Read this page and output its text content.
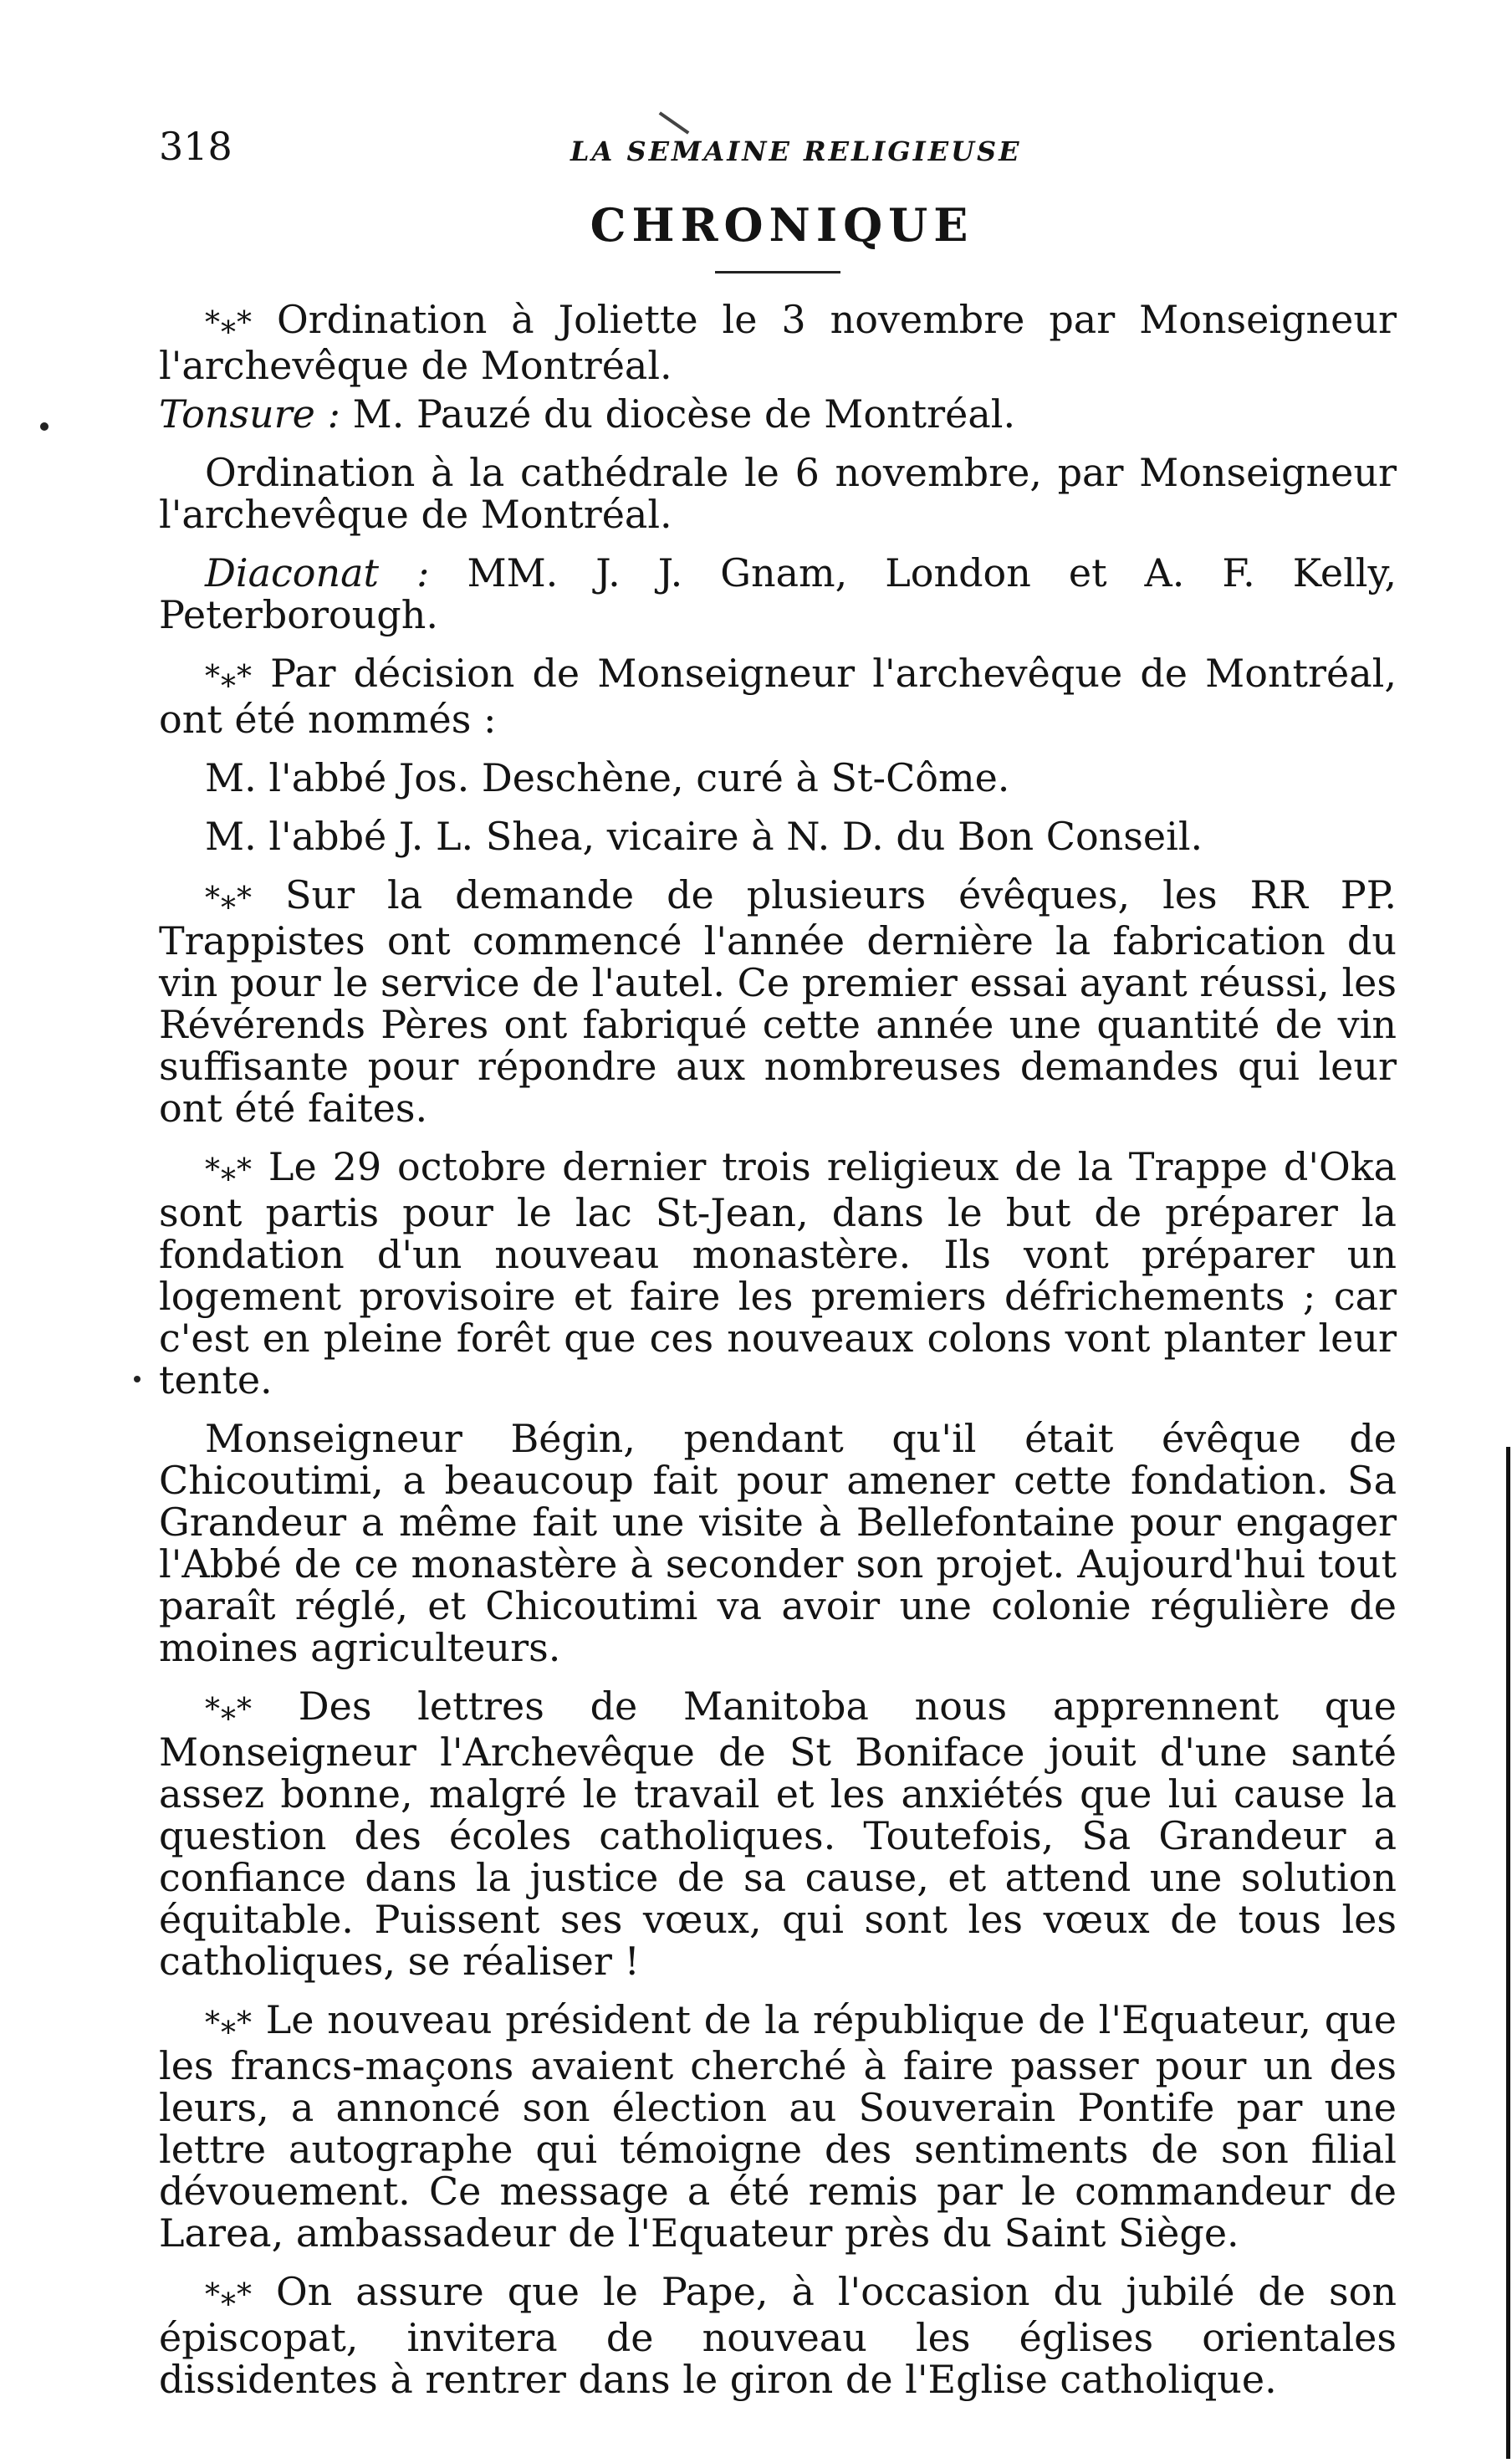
318	LA SEMAINE RELIGIEUSE
CHRONIQUE

*⁎* Ordination à Joliette le 3 novembre par Monseigneur l'archevêque de Montréal.

Tonsure : M. Pauzé du diocèse de Montréal.

Ordination à la cathédrale le 6 novembre, par Monseigneur l'archevêque de Montréal.

Diaconat : MM. J. J. Gnam, London et A. F. Kelly, Peterborough.

*⁎* Par décision de Monseigneur l'archevêque de Montréal, ont été nommés :

M. l'abbé Jos. Deschène, curé à St-Côme.

M. l'abbé J. L. Shea, vicaire à N. D. du Bon Conseil.

*⁎* Sur la demande de plusieurs évêques, les RR PP. Trappistes ont commencé l'année dernière la fabrication du vin pour le service de l'autel. Ce premier essai ayant réussi, les Révérends Pères ont fabriqué cette année une quantité de vin suffisante pour répondre aux nombreuses demandes qui leur ont été faites.

*⁎* Le 29 octobre dernier trois religieux de la Trappe d'Oka sont partis pour le lac St-Jean, dans le but de préparer la fondation d'un nouveau monastère. Ils vont préparer un logement provisoire et faire les premiers défrichements ; car c'est en pleine forêt que ces nouveaux colons vont planter leur tente.

Monseigneur Bégin, pendant qu'il était évêque de Chicoutimi, a beaucoup fait pour amener cette fondation. Sa Grandeur a même fait une visite à Bellefontaine pour engager l'Abbé de ce monastère à seconder son projet. Aujourd'hui tout paraît réglé, et Chicoutimi va avoir une colonie régulière de moines agriculteurs.

*⁎* Des lettres de Manitoba nous apprennent que Monseigneur l'Archevêque de St Boniface jouit d'une santé assez bonne, malgré le travail et les anxiétés que lui cause la question des écoles catholiques. Toutefois, Sa Grandeur a confiance dans la justice de sa cause, et attend une solution équitable. Puissent ses vœux, qui sont les vœux de tous les catholiques, se réaliser !

*⁎* Le nouveau président de la république de l'Equateur, que les francs-maçons avaient cherché à faire passer pour un des leurs, a annoncé son élection au Souverain Pontife par une lettre autographe qui témoigne des sentiments de son filial dévouement. Ce message a été remis par le commandeur de Larea, ambassadeur de l'Equateur près du Saint Siège.

*⁎* On assure que le Pape, à l'occasion du jubilé de son épiscopat, invitera de nouveau les églises orientales dissidentes à rentrer dans le giron de l'Eglise catholique.
